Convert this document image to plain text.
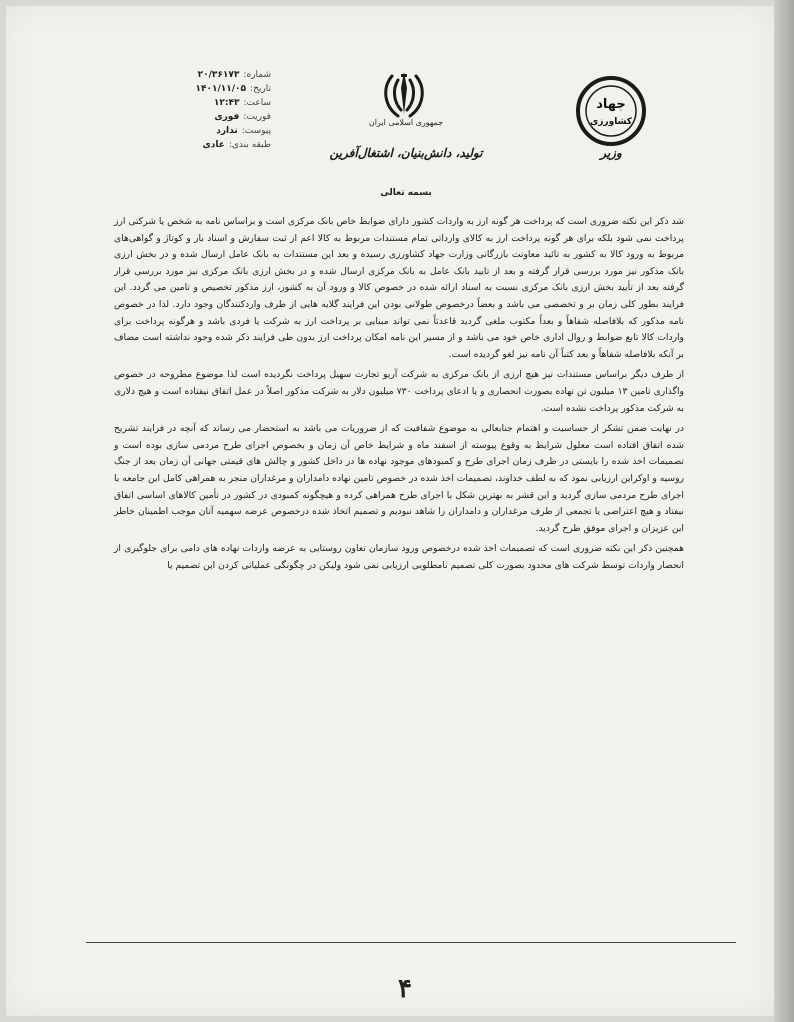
شماره:
۲۰/۳۶۱۷۳
تاریخ:
۱۴۰۱/۱۱/۰۵
ساعت:
۱۲:۴۳
فوریت:
فوری
پیوست:
ندارد
طبقه بندی:
عادی
جمهوری اسلامی ایران
تولید، دانش‌بنیان، اشتغال‌آفرین
بسمه تعالی
جهاد
کشاورزی
وزیر

شد ذکر این نکته ضروری است که پرداخت هر گونه ارز به واردات کشور دارای ضوابط خاص بانک مرکزی است و براساس نامه به شخص یا شرکتی ارز پرداخت نمی شود بلکه برای هر گونه پرداخت ارز به کالای وارداتی تمام مستندات مربوط به کالا اعم از ثبت سفارش و اسناد بار و کوتاژ و گواهی‌های مربوط به ورود کالا به کشور به تائید معاونت بازرگانی وزارت جهاد کشاورزی رسیده و بعد این مستندات به بانک عامل ارسال شده و در بخش ارزی بانک مذکور نیز مورد بررسی قرار گرفته و بعد از تایید بانک عامل به بانک مرکزی ارسال شده و در بخش ارزی بانک مرکزی نیز مورد بررسی قرار گرفته بعد از تأیید بخش ارزی بانک مرکزی نسبت به اسناد ارائه شده در خصوص کالا و ورود آن به کشور، ارز مذکور تخصیص و تامین می گردد. این فرایند بطور کلی زمان بر و تخصصی می باشد و بعضاً درخصوص طولانی بودن این فرایند گلایه هایی از طرف واردکنندگان وجود دارد. لذا در خصوص نامه مذکور که بلافاصله شفاهاً و بعداً مکتوب ملغی گردید قاعدتاً نمی تواند مبنایی بر پرداخت ارز به شرکت یا فردی باشد و هرگونه پرداخت برای واردات کالا تابع ضوابط و روال اداری خاص خود می باشد و از مسیر این نامه امکان پرداخت ارز بدون طی فرایند ذکر شده وجود نداشته است مضاف بر آنکه بلافاصله شفاهاً و بعد کتباً آن نامه نیز لغو گردیده است.

از طرف دیگر براساس مستندات نیز هیچ ارزی از بانک مرکزی به شرکت آریو تجارت سهیل پرداخت نگردیده است لذا موضوع مطروحه در خصوص واگذاری تامین ۱۳ میلیون تن نهاده بصورت انحصاری و یا ادعای پرداخت ۷۳۰ میلیون دلار به شرکت مذکور اصلاً در عمل اتفاق نیفتاده است و هیچ دلاری به شرکت مذکور پرداخت نشده است.

در نهایت ضمن تشکر از حساسیت و اهتمام جنابعالی به موضوع شفافیت که از ضروریات می باشد به استحضار می رساند که آنچه در فرایند تشریح شده اتفاق افتاده است معلول شرایط به وقوع پیوسته از اسفند ماه و شرایط خاص آن زمان و بخصوص اجرای طرح مردمی سازی بوده است و تصمیمات اخذ شده را بایستی در ظرف زمان اجرای طرح و کمبودهای موجود نهاده ها در داخل کشور و چالش های قیمتی جهانی آن زمان بعد از جنگ روسیه و اوکراین ارزیابی نمود که به لطف خداوند، تصمیمات اخذ شده در خصوص تامین نهاده دامداران و مرغداران منجر به همراهی کامل این جامعه با اجرای طرح مردمی سازی گردید و این قشر به بهترین شکل با اجرای طرح همراهی کرده و هیچگونه کمبودی در کشور در تأمین کالاهای اساسی اتفاق نیفتاد و هیچ اعتراضی یا تجمعی از طرف مرغداران و دامداران را شاهد نبودیم و تصمیم اتخاذ شده درخصوص عرضه سهمیه آنان موجب اطمینان خاطر این عزیزان و اجرای موفق طرح گردید.

همچنین ذکر این نکته ضروری است که تصمیمات اخذ شده درخصوص ورود سازمان تعاون روستایی به عرضه واردات نهاده های دامی برای جلوگیری از انحصار واردات توسط شرکت های محدود بصورت کلی تصمیم نامطلوبی ارزیابی نمی شود ولیکن در چگونگی عملیاتی کردن این تصمیم یا

۴
